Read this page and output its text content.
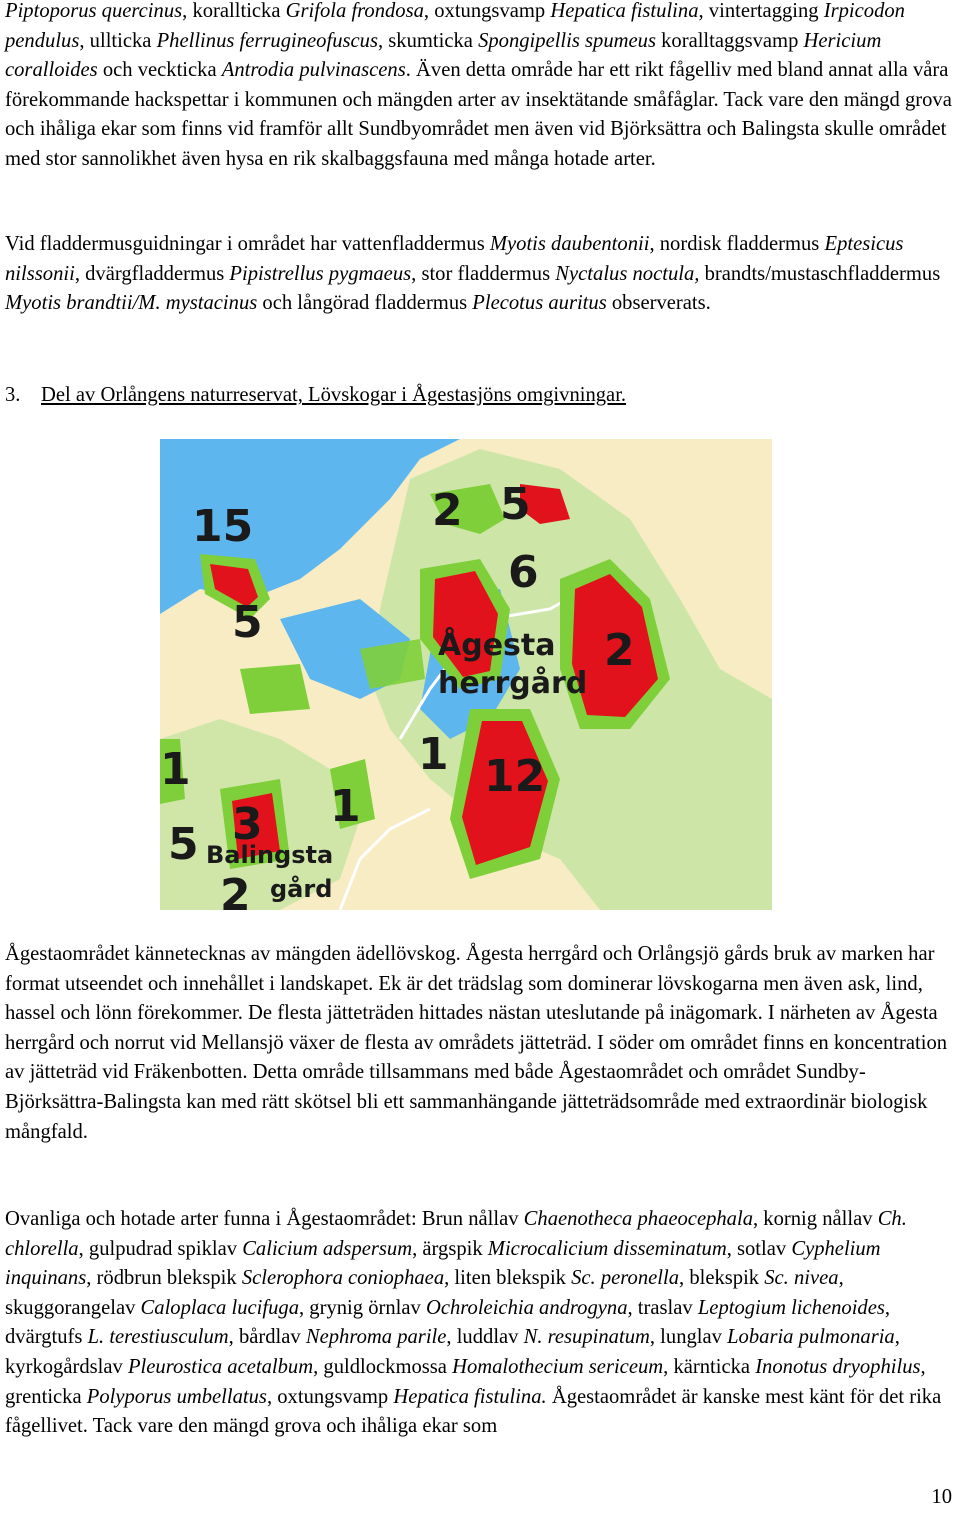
Piptoporus quercinus, korallticka Grifola frondosa, oxtungsvamp Hepatica fistulina, vintertagging Irpicodon pendulus, ullticka Phellinus ferrugineofuscus, skumticka Spongipellis spumeus koralltaggsvamp Hericium coralloides och veckticka Antrodia pulvinascens. Även detta område har ett rikt fågelliv med bland annat alla våra förekommande hackspettar i kommunen och mängden arter av insektätande småfåglar. Tack vare den mängd grova och ihåliga ekar som finns vid framför allt Sundbyområdet men även vid Björksättra och Balingsta skulle området med stor sannolikhet även hysa en rik skalbaggsfauna med många hotade arter.

Vid fladdermusguidningar i området har vattenfladdermus Myotis daubentonii, nordisk fladdermus Eptesicus nilssonii, dvärgfladdermus Pipistrellus pygmaeus, stor fladdermus Nyctalus noctula, brandts/mustaschfladdermus Myotis brandtii/M. mystacinus och långörad fladdermus Plecotus auritus observerats.

3. Del av Orlångens naturreservat, Lövskogar i Ågestasjöns omgivningar.
15
5
2 5
6
2
1	1 12
1
3
5
2
Ågesta
herrgård
Balingsta
gård

Ågestaområdet kännetecknas av mängden ädellövskog. Ågesta herrgård och Orlångsjö gårds bruk av marken har format utseendet och innehållet i landskapet. Ek är det trädslag som dominerar lövskogarna men även ask, lind, hassel och lönn förekommer. De flesta jätteträden hittades nästan uteslutande på inägomark. I närheten av Ågesta herrgård och norrut vid Mellansjö växer de flesta av områdets jätteträd. I söder om området finns en koncentration av jätteträd vid Fräkenbotten. Detta område tillsammans med både Ågestaområdet och området Sundby-Björksättra-Balingsta kan med rätt skötsel bli ett sammanhängande jätteträdsområde med extraordinär biologisk mångfald.

Ovanliga och hotade arter funna i Ågestaområdet: Brun nållav Chaenotheca phaeocephala, kornig nållav Ch. chlorella, gulpudrad spiklav Calicium adspersum, ärgspik Microcalicium disseminatum, sotlav Cyphelium inquinans, rödbrun blekspik Sclerophora coniophaea, liten blekspik Sc. peronella, blekspik Sc. nivea, skuggorangelav Caloplaca lucifuga, grynig örnlav Ochroleichia androgyna, traslav Leptogium lichenoides, dvärgtufs L. terestiusculum, bårdlav Nephroma parile, luddlav N. resupinatum, lunglav Lobaria pulmonaria, kyrkogårdslav Pleurostica acetalbum, guldlockmossa Homalothecium sericeum, kärnticka Inonotus dryophilus, grenticka Polyporus umbellatus, oxtungsvamp Hepatica fistulina. Ågestaområdet är kanske mest känt för det rika fågellivet. Tack vare den mängd grova och ihåliga ekar som

10
